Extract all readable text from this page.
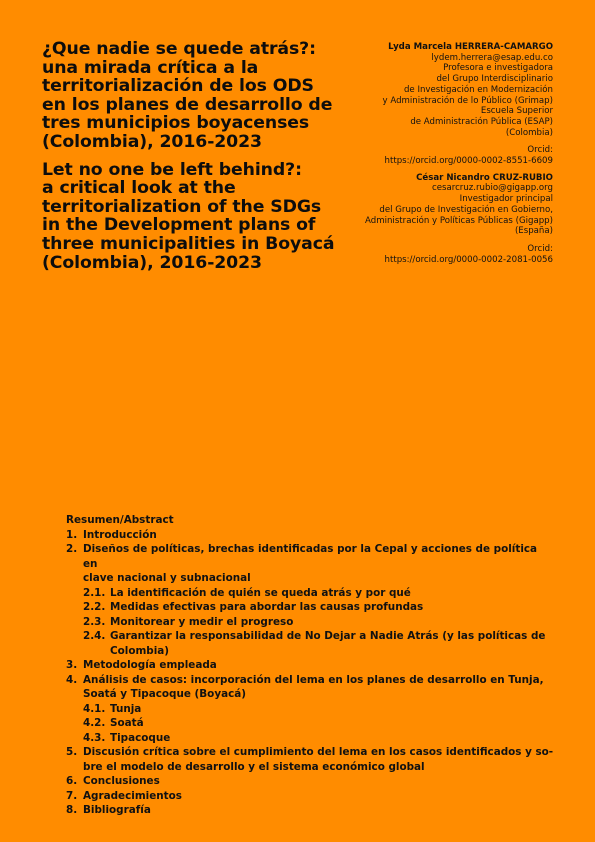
¿Que nadie se quede atrás?:
una mirada crítica a la
territorialización de los ODS
en los planes de desarrollo de
tres municipios boyacenses
(Colombia), 2016-2023
Let no one be left behind?:
a critical look at the
territorialization of the SDGs
in the Development plans of
three municipalities in Boyacá
(Colombia), 2016-2023
Lyda Marcela HERRERA-CAMARGO
lydem.herrera@esap.edu.co
Profesora e investigadora
del Grupo Interdisciplinario
de Investigación en Modernización
y Administración de lo Público (Grimap)
Escuela Superior
de Administración Pública (ESAP)
(Colombia)
Orcid:
https://orcid.org/0000-0002-8551-6609
César Nicandro CRUZ-RUBIO
cesarcruz.rubio@gigapp.org
Investigador principal
del Grupo de Investigación en Gobierno,
Administración y Políticas Públicas (Gigapp)
(España)
Orcid:
https://orcid.org/0000-0002-2081-0056
Resumen/Abstract
1. Introducción
2. Diseños de políticas, brechas identificadas por la Cepal y acciones de política en
clave nacional y subnacional
2.1. La identificación de quién se queda atrás y por qué
2.2. Medidas efectivas para abordar las causas profundas
2.3. Monitorear y medir el progreso
2.4. Garantizar la responsabilidad de No Dejar a Nadie Atrás (y las políticas de
Colombia)
3. Metodología empleada
4. Análisis de casos: incorporación del lema en los planes de desarrollo en Tunja,
Soatá y Tipacoque (Boyacá)
4.1. Tunja
4.2. Soatá
4.3. Tipacoque
5. Discusión crítica sobre el cumplimiento del lema en los casos identificados y so-
bre el modelo de desarrollo y el sistema económico global
6. Conclusiones
7. Agradecimientos
8. Bibliografía
